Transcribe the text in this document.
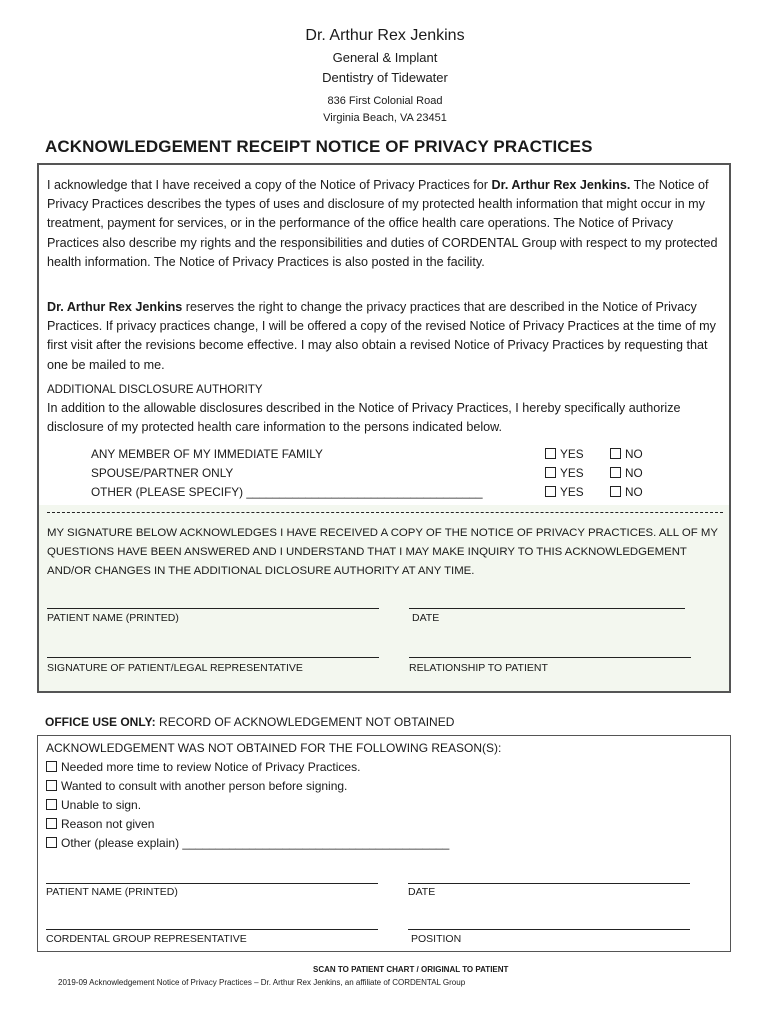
Dr. Arthur Rex Jenkins
General & Implant
Dentistry of Tidewater
836 First Colonial Road
Virginia Beach, VA 23451
ACKNOWLEDGEMENT RECEIPT NOTICE OF PRIVACY PRACTICES
I acknowledge that I have received a copy of the Notice of Privacy Practices for Dr. Arthur Rex Jenkins. The Notice of Privacy Practices describes the types of uses and disclosure of my protected health information that might occur in my treatment, payment for services, or in the performance of the office health care operations. The Notice of Privacy Practices also describe my rights and the responsibilities and duties of CORDENTAL Group with respect to my protected health information. The Notice of Privacy Practices is also posted in the facility.
Dr. Arthur Rex Jenkins reserves the right to change the privacy practices that are described in the Notice of Privacy Practices. If privacy practices change, I will be offered a copy of the revised Notice of Privacy Practices at the time of my first visit after the revisions become effective. I may also obtain a revised Notice of Privacy Practices by requesting that one be mailed to me.
ADDITIONAL DISCLOSURE AUTHORITY
In addition to the allowable disclosures described in the Notice of Privacy Practices, I hereby specifically authorize disclosure of my protected health care information to the persons indicated below.
ANY MEMBER OF MY IMMEDIATE FAMILY	YES	NO
SPOUSE/PARTNER ONLY	YES	NO
OTHER (PLEASE SPECIFY) ____________________________________	YES	NO
MY SIGNATURE BELOW ACKNOWLEDGES I HAVE RECEIVED A COPY OF THE NOTICE OF PRIVACY PRACTICES. ALL OF MY QUESTIONS HAVE BEEN ANSWERED AND I UNDERSTAND THAT I MAY MAKE INQUIRY TO THIS ACKNOWLEDGEMENT AND/OR CHANGES IN THE ADDITIONAL DICLOSURE AUTHORITY AT ANY TIME.
PATIENT NAME (PRINTED)	DATE
SIGNATURE OF PATIENT/LEGAL REPRESENTATIVE	RELATIONSHIP TO PATIENT
OFFICE USE ONLY: RECORD OF ACKNOWLEDGEMENT NOT OBTAINED
ACKNOWLEDGEMENT WAS NOT OBTAINED FOR THE FOLLOWING REASON(S):
Needed more time to review Notice of Privacy Practices.
Wanted to consult with another person before signing.
Unable to sign.
Reason not given
Other (please explain) ________________________________________
PATIENT NAME (PRINTED)	DATE
CORDENTAL GROUP REPRESENTATIVE	POSITION
SCAN TO PATIENT CHART / ORIGINAL TO PATIENT
2019-09 Acknowledgement Notice of Privacy Practices – Dr. Arthur Rex Jenkins, an affiliate of CORDENTAL Group
